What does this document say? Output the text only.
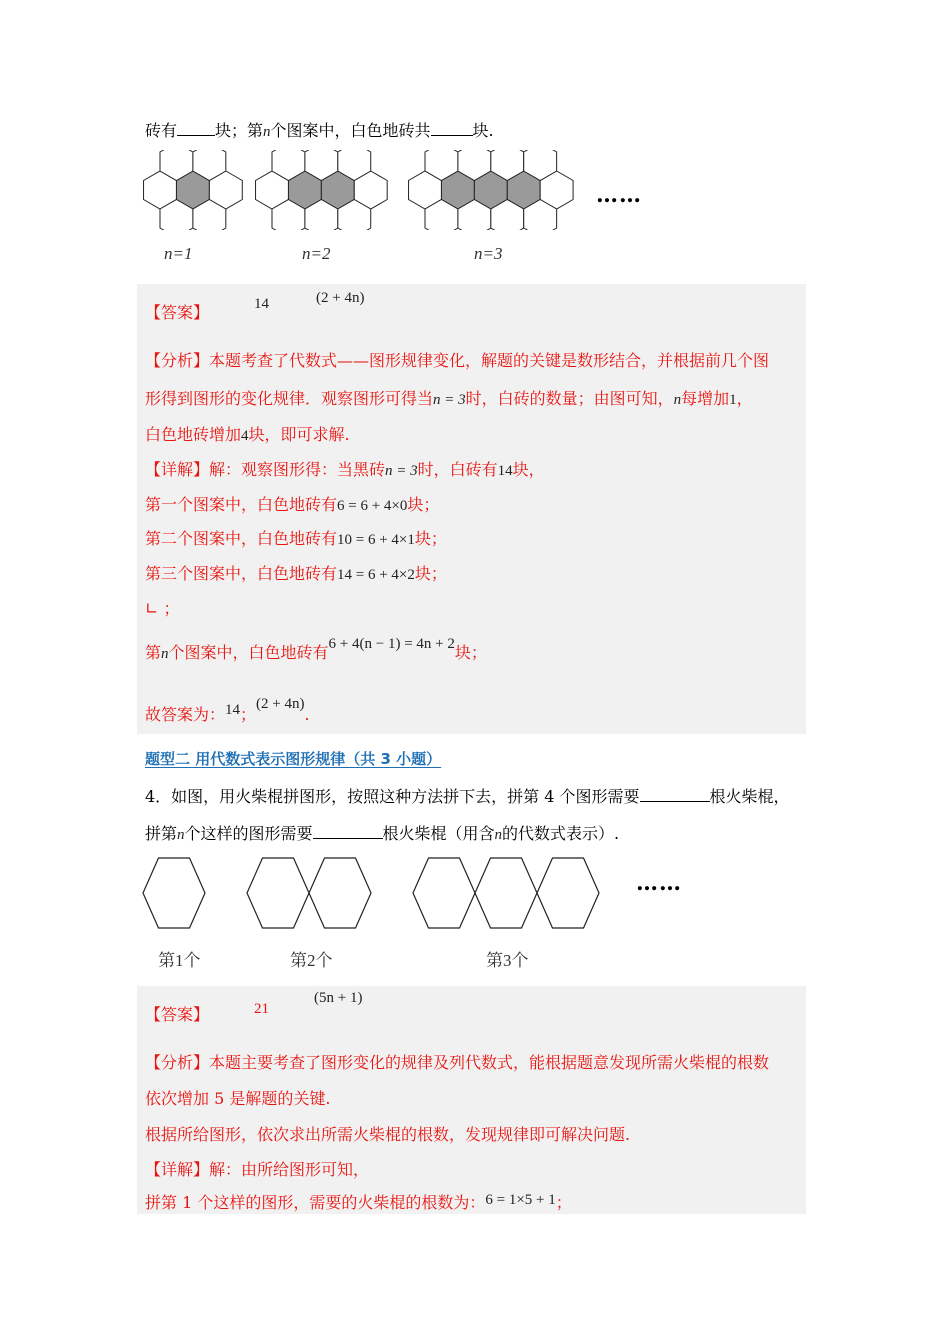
砖有 块；第n个图案中，白色地砖共	块.
……
n=1	n=2	n=3
【答案】	14	(2 + 4n)
【分析】本题考查了代数式——图形规律变化，解题的关键是数形结合，并根据前几个图
形得到图形的变化规律．观察图形可得当n = 3时，白砖的数量；由图可知，n每增加1，
白色地砖增加4块，即可求解.
【详解】解：观察图形得：当黑砖n = 3时，白砖有14块，
第一个图案中，白色地砖有6 = 6 + 4×0块；
第二个图案中，白色地砖有10 = 6 + 4×1块；
第三个图案中，白色地砖有14 = 6 + 4×2块；
∟ ；
第n个图案中，白色地砖有6 + 4(n − 1) = 4n + 2块；
故答案为：14；(2 + 4n).
题型二 用代数式表示图形规律（共 3 小题）
4．如图，用火柴棍拼图形，按照这种方法拼下去，拼第 4 个图形需要	根火柴棍，
拼第n个这样的图形需要	根火柴棍（用含n的代数式表示）.
……
第1个	第2个	第3个
【答案】	21
(5n + 1)
【分析】本题主要考查了图形变化的规律及列代数式，能根据题意发现所需火柴棍的根数
依次增加 5 是解题的关键.
根据所给图形，依次求出所需火柴棍的根数，发现规律即可解决问题.
【详解】解：由所给图形可知，
拼第 1 个这样的图形，需要的火柴棍的根数为：6 = 1×5 + 1；
